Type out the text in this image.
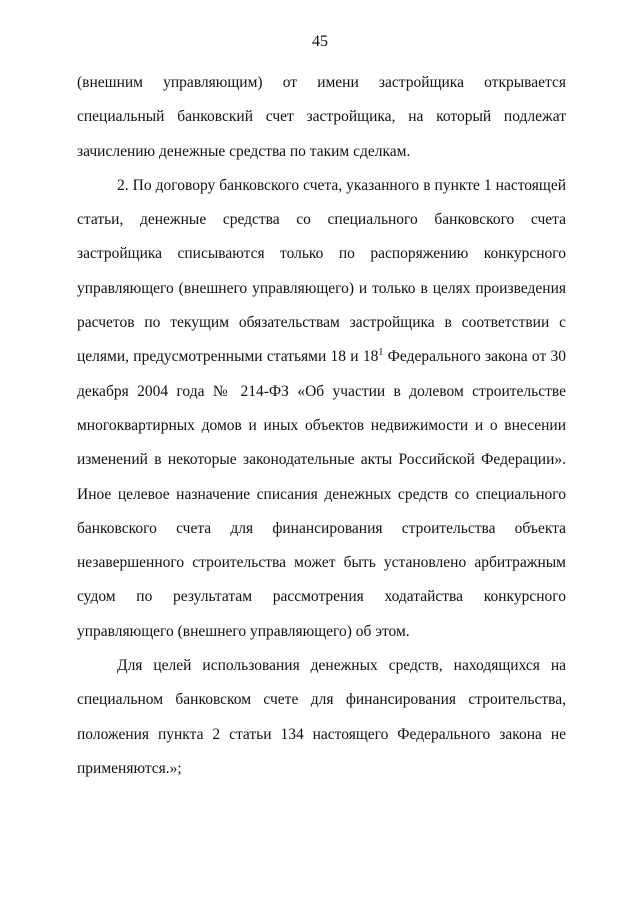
45

(внешним управляющим) от имени застройщика открывается специальный банковский счет застройщика, на который подлежат зачислению денежные средства по таким сделкам.

2. По договору банковского счета, указанного в пункте 1 настоящей статьи, денежные средства со специального банковского счета застройщика списываются только по распоряжению конкурсного управляющего (внешнего управляющего) и только в целях произведения расчетов по текущим обязательствам застройщика в соответствии с целями, предусмотренными статьями 18 и $18^1$ Федерального закона от 30 декабря 2004 года № 214-ФЗ «Об участии в долевом строительстве многоквартирных домов и иных объектов недвижимости и о внесении изменений в некоторые законодательные акты Российской Федерации». Иное целевое назначение списания денежных средств со специального банковского счета для финансирования строительства объекта незавершенного строительства может быть установлено арбитражным судом по результатам рассмотрения ходатайства конкурсного управляющего (внешнего управляющего) об этом.

Для целей использования денежных средств, находящихся на специальном банковском счете для финансирования строительства, положения пункта 2 статьи 134 настоящего Федерального закона не применяются.»;
